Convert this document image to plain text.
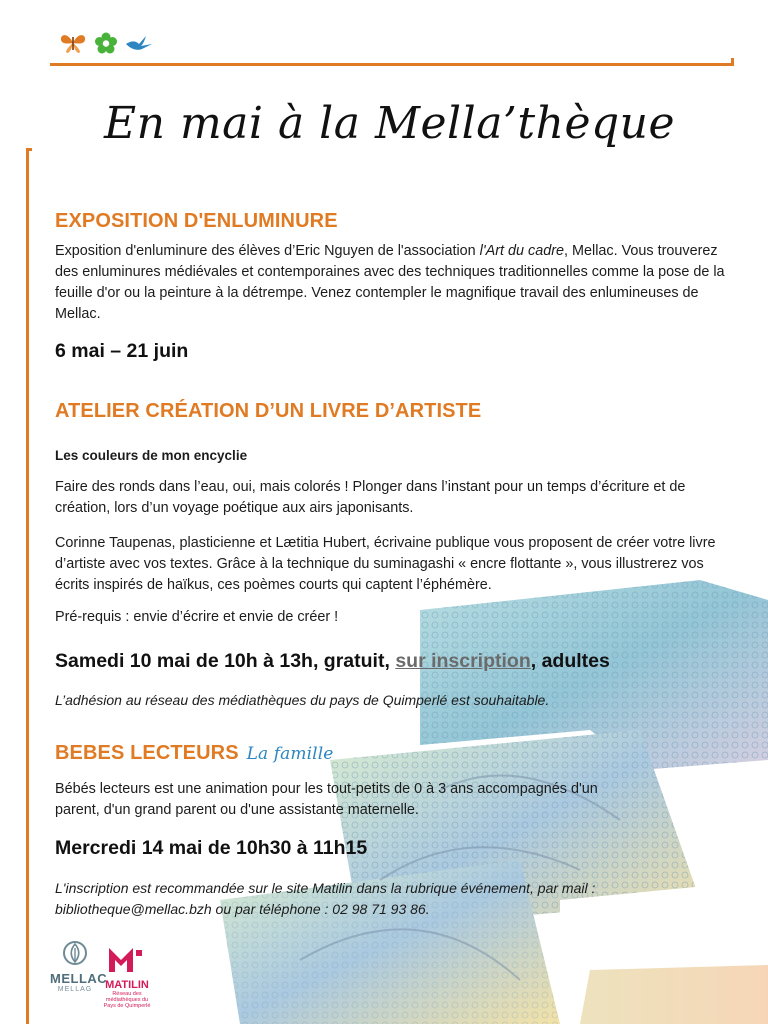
En mai à la Mella’thèque
EXPOSITION D'ENLUMINURE

Exposition d'enluminure des élèves d’Eric Nguyen de l'association l'Art du cadre, Mellac. Vous trouverez des enluminures médiévales et contemporaines avec des techniques traditionnelles comme la pose de la feuille d'or ou la peinture à la détrempe. Venez contempler le magnifique travail des enlumineuses de Mellac.

6 mai – 21 juin

ATELIER CRÉATION D’UN LIVRE D’ARTISTE

Les couleurs de mon encyclie

Faire des ronds dans l’eau, oui, mais colorés ! Plonger dans l’instant pour un temps d’écriture et de création, lors d’un voyage poétique aux airs japonisants.

Corinne Taupenas, plasticienne et Lætitia Hubert, écrivaine publique vous proposent de créer votre livre d’artiste avec vos textes. Grâce à la technique du suminagashi « encre flottante », vous illustrerez vos écrits inspirés de haïkus, ces poèmes courts qui captent l’éphémère.

Pré-requis : envie d’écrire et envie de créer !

Samedi 10 mai de 10h à 13h, gratuit, sur inscription, adultes

L’adhésion au réseau des médiathèques du pays de Quimperlé est souhaitable.

BEBES LECTEURS La famille

Bébés lecteurs est une animation pour les tout-petits de 0 à 3 ans accompagnés d'un parent, d'un grand parent ou d'une assistante maternelle.

Mercredi 14 mai de 10h30 à 11h15

L'inscription est recommandée sur le site Matilin dans la rubrique événement, par mail : bibliotheque@mellac.bzh ou par téléphone : 02 98 71 93 86.

MELLAC
MELLAG	MATILIN
Réseau des médiathèques du Pays de Quimperlé
